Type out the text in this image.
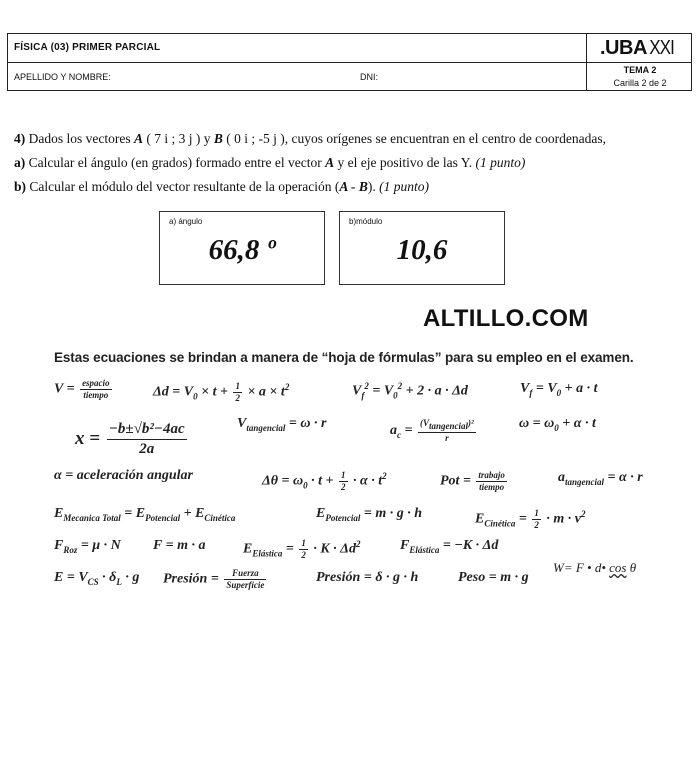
FÍSICA (03) PRIMER PARCIAL	.UBA XXI
APELLIDO Y NOMBRE:	DNI:
TEMA 2
Carilla 2 de 2
4) Dados los vectores A ( 7 i ; 3 j ) y B ( 0 i ; -5 j ), cuyos orígenes se encuentran en el centro de coordenadas,
a) Calcular el ángulo (en grados) formado entre el vector A y el eje positivo de las Y. (1 punto)
b) Calcular el módulo del vector resultante de la operación (A - B). (1 punto)
a) ángulo
66,8 º
b)módulo
10,6
ALTILLO.COM
Estas ecuaciones se brindan a manera de “hoja de fórmulas” para su empleo en el examen.
$V = \frac{\text{espacio}}{\text{tiempo}}$	$\Delta d = V_0 \times t + \frac{1}{2} \times a \times t^2$	$V_f^2 = V_0^2 + 2 \cdot a \cdot \Delta d$	$V_f = V_0 + a \cdot t$
$x = \frac{\text{−b±√b²−4ac}}{2a}$	$V_{tangencial} = \omega \cdot r$	$a_c = \frac{(V_{tangencial})^2}{r}$	$\omega = \omega_0 + \alpha \cdot t$
α = aceleración angular	$\Delta\theta = \omega_0 \cdot t + \frac{1}{2} \cdot \alpha \cdot t^2$	Pot = $\frac{\text{trabajo}}{\text{tiempo}}$	$a_{tangencial} = \alpha \cdot r$
$E_{Mecanica Total} = E_{Potencial} + E_{Cinética}$	$E_{Potencial} = m \cdot g \cdot h$	$E_{Cinética} = \frac{1}{2} \cdot m \cdot v^2$
$F_{Roz} = \mu \cdot N$ F = m · a	$E_{Elástica} = \frac{1}{2} \cdot K \cdot \Delta d^2$	$F_{Elástica} = -K \cdot \Delta d$
$E = V_{CS} \cdot \delta_L \cdot g$ Presión = $\frac{\text{Fuerza}}{\text{Superficie}}$	Presión = δ · g · h	Peso = m · g
W= F • d• cos θ
